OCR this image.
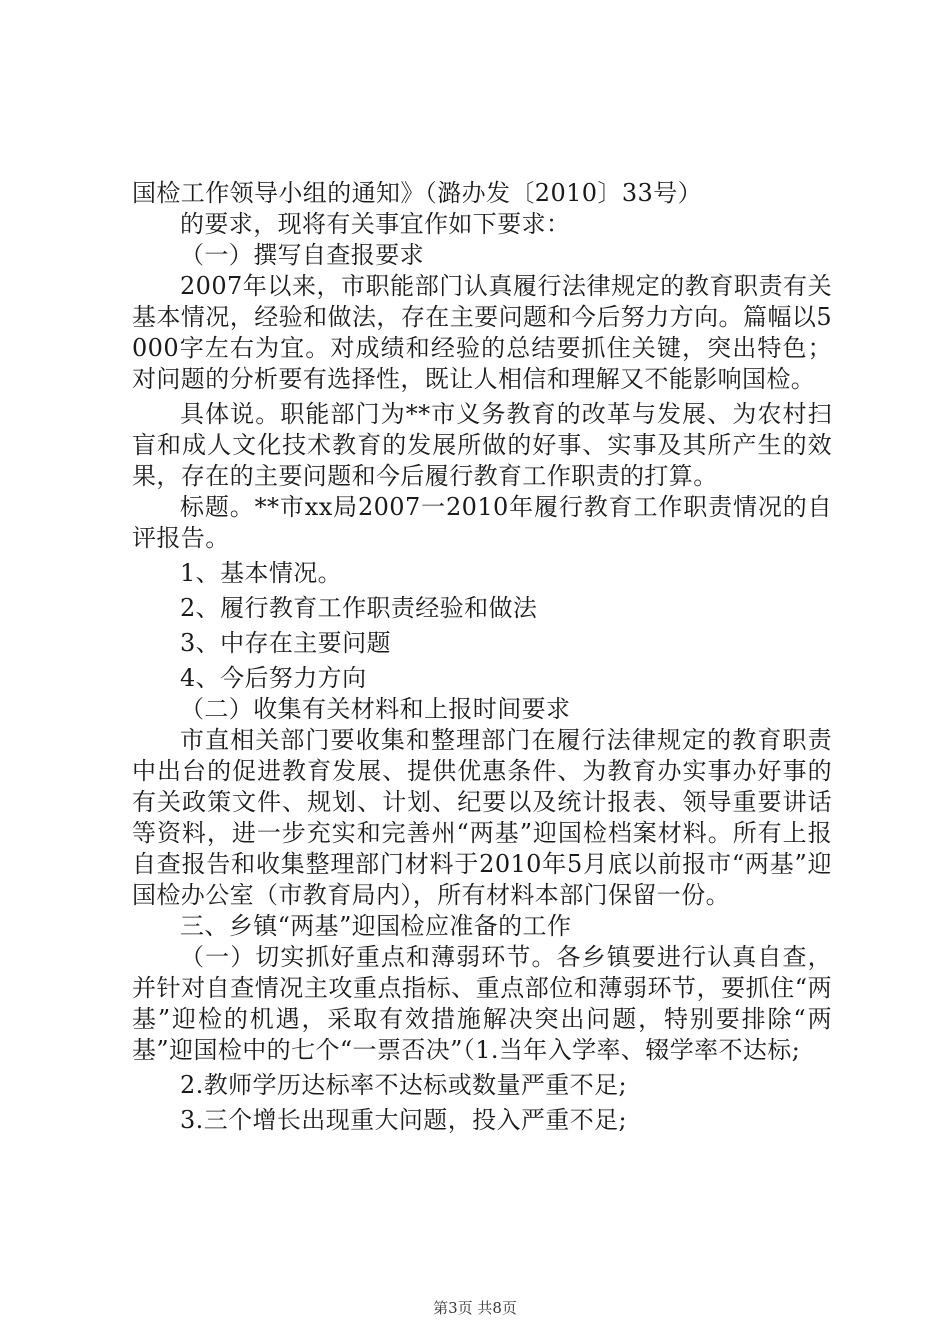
国检工作领导小组的通知》（潞办发〔2010〕33号）

的要求，现将有关事宜作如下要求：

（一）撰写自查报要求

2007年以来，市职能部门认真履行法律规定的教育职责有关基本情况，经验和做法，存在主要问题和今后努力方向。篇幅以5000字左右为宜。对成绩和经验的总结要抓住关键，突出特色；对问题的分析要有选择性，既让人相信和理解又不能影响国检。

具体说。职能部门为**市义务教育的改革与发展、为农村扫盲和成人文化技术教育的发展所做的好事、实事及其所产生的效果，存在的主要问题和今后履行教育工作职责的打算。

标题。**市xx局2007一2010年履行教育工作职责情况的自评报告。

1、基本情况。

2、履行教育工作职责经验和做法

3、中存在主要问题

4、今后努力方向

（二）收集有关材料和上报时间要求

市直相关部门要收集和整理部门在履行法律规定的教育职责中出台的促进教育发展、提供优惠条件、为教育办实事办好事的有关政策文件、规划、计划、纪要以及统计报表、领导重要讲话等资料，进一步充实和完善州“两基”迎国检档案材料。所有上报自查报告和收集整理部门材料于2010年5月底以前报市“两基”迎国检办公室（市教育局内），所有材料本部门保留一份。

三、乡镇“两基”迎国检应准备的工作

（一）切实抓好重点和薄弱环节。各乡镇要进行认真自查，并针对自查情况主攻重点指标、重点部位和薄弱环节，要抓住“两基”迎检的机遇，采取有效措施解决突出问题，特别要排除“两基”迎国检中的七个“一票否决”（1.当年入学率、辍学率不达标;

2.教师学历达标率不达标或数量严重不足;

3.三个增长出现重大问题，投入严重不足;

第3页 共8页
